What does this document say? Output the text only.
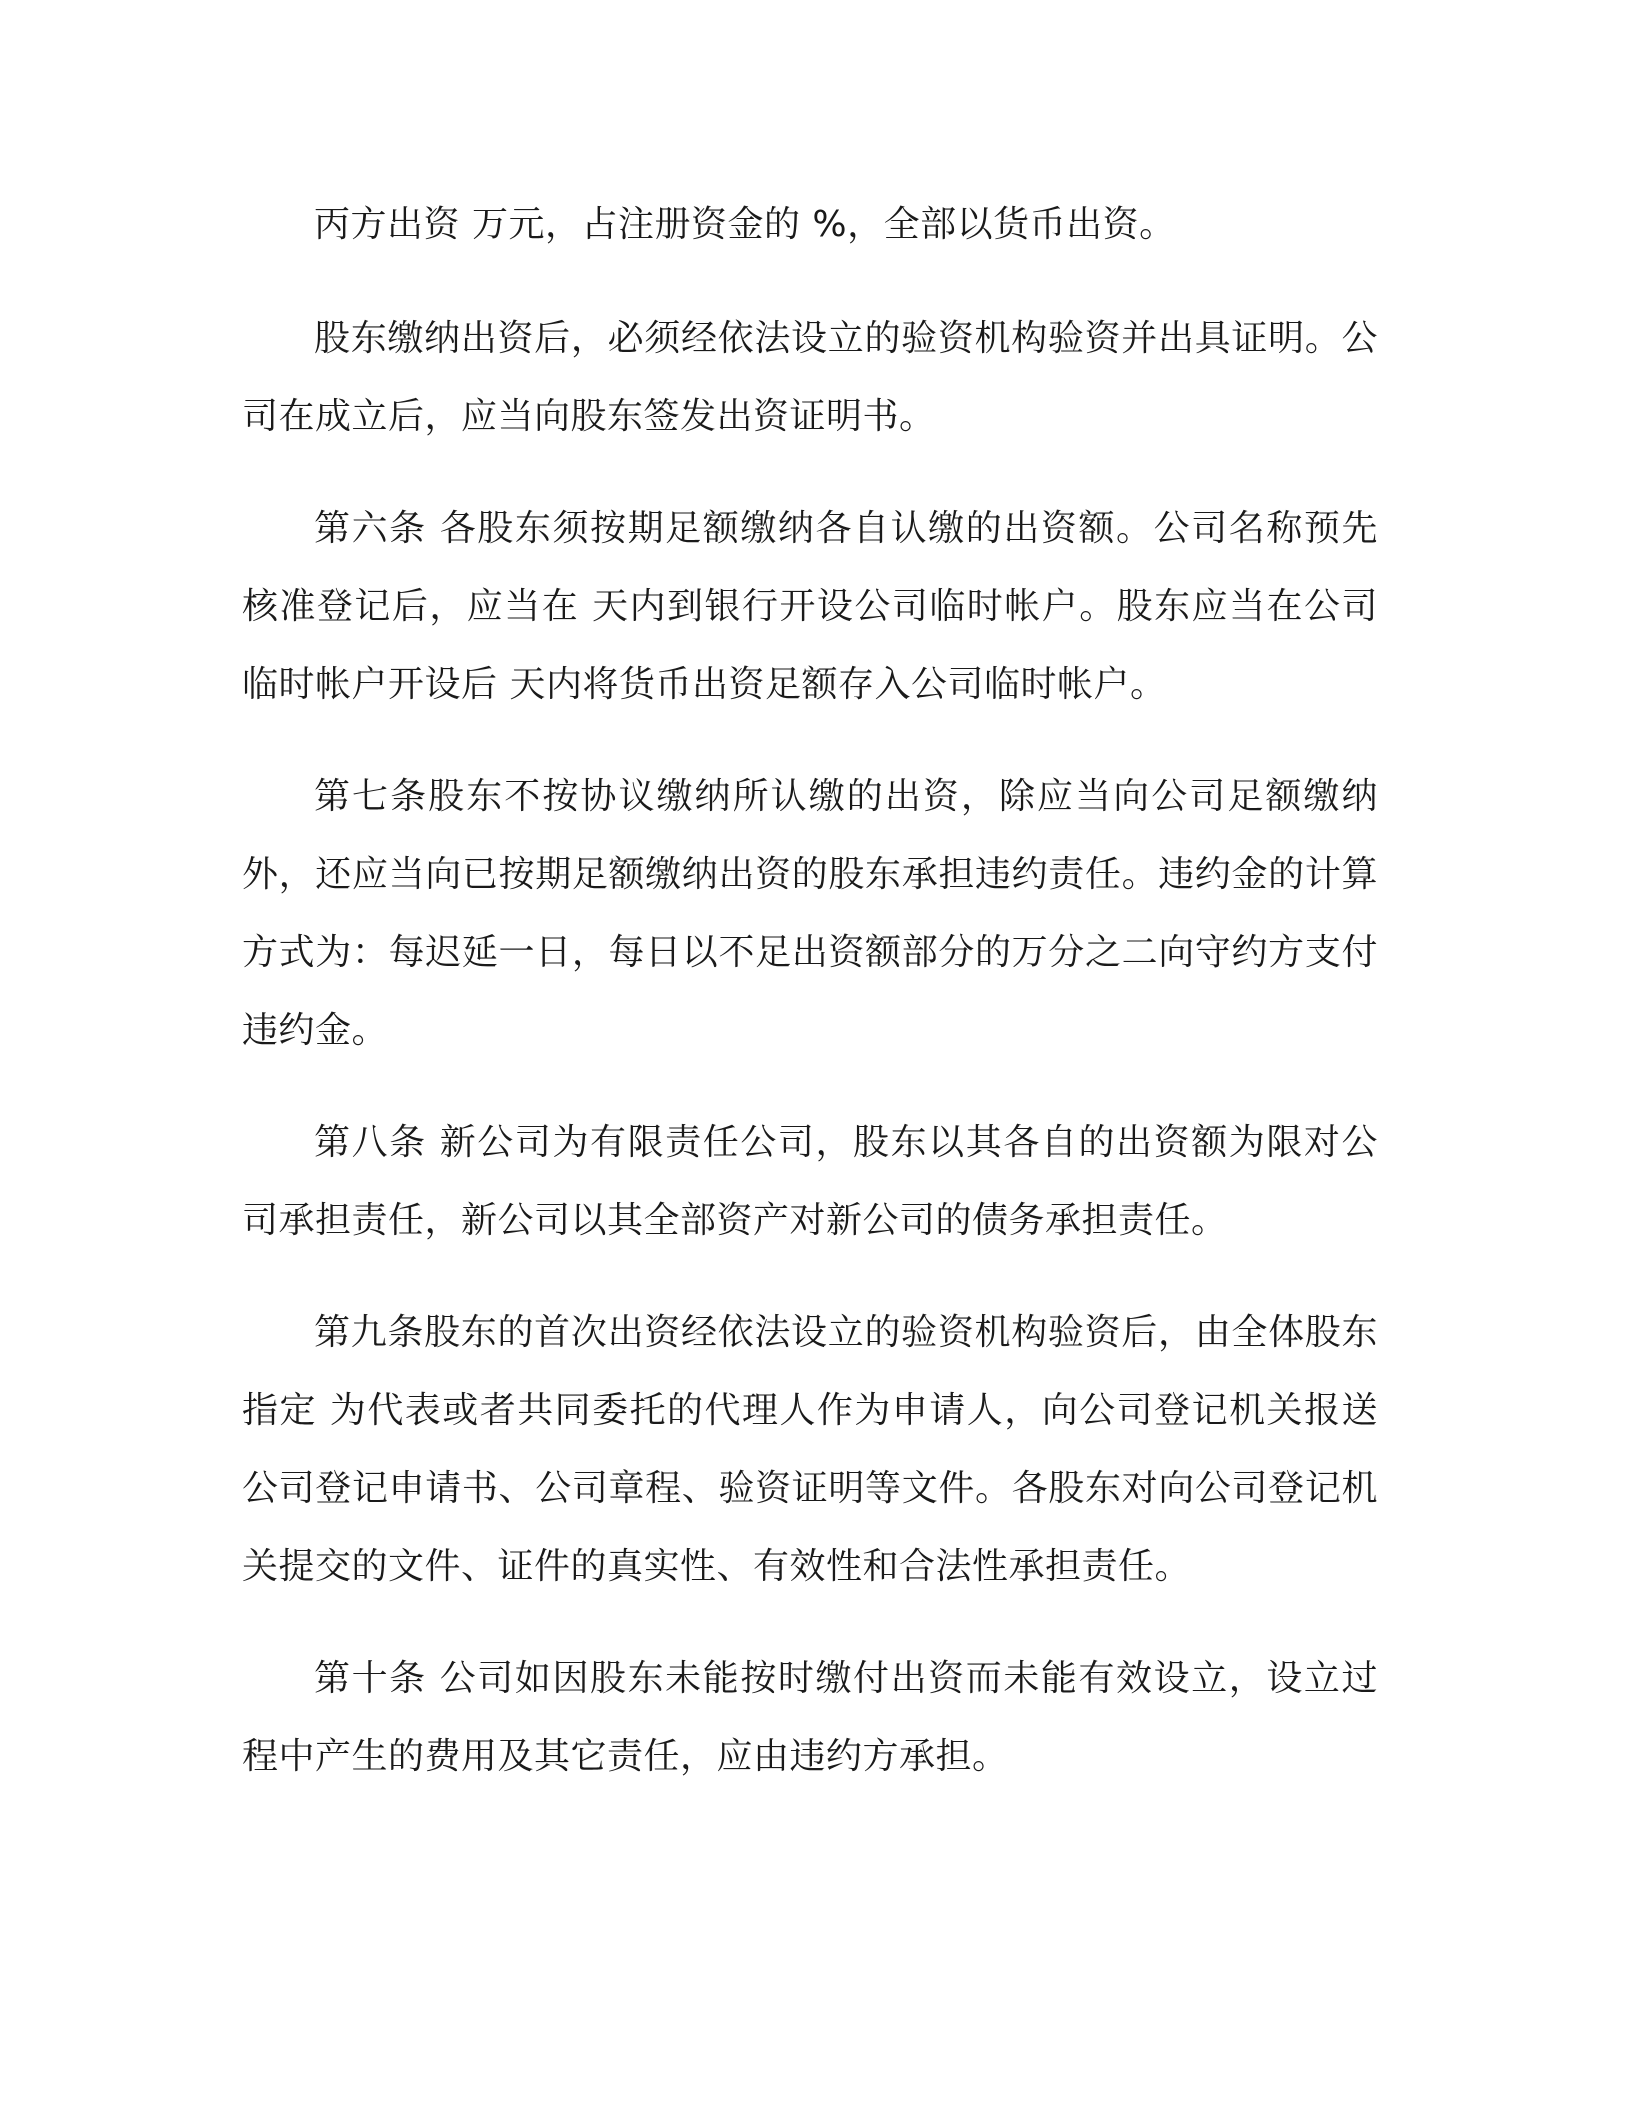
丙方出资 万元，占注册资金的 %，全部以货币出资。

股东缴纳出资后，必须经依法设立的验资机构验资并出具证明。公司在成立后，应当向股东签发出资证明书。

第六条 各股东须按期足额缴纳各自认缴的出资额。公司名称预先核准登记后，应当在 天内到银行开设公司临时帐户。股东应当在公司临时帐户开设后 天内将货币出资足额存入公司临时帐户。

第七条股东不按协议缴纳所认缴的出资，除应当向公司足额缴纳外，还应当向已按期足额缴纳出资的股东承担违约责任。违约金的计算方式为：每迟延一日，每日以不足出资额部分的万分之二向守约方支付违约金。

第八条 新公司为有限责任公司，股东以其各自的出资额为限对公司承担责任，新公司以其全部资产对新公司的债务承担责任。

第九条股东的首次出资经依法设立的验资机构验资后，由全体股东指定 为代表或者共同委托的代理人作为申请人，向公司登记机关报送公司登记申请书、公司章程、验资证明等文件。各股东对向公司登记机关提交的文件、证件的真实性、有效性和合法性承担责任。

第十条 公司如因股东未能按时缴付出资而未能有效设立，设立过程中产生的费用及其它责任，应由违约方承担。
